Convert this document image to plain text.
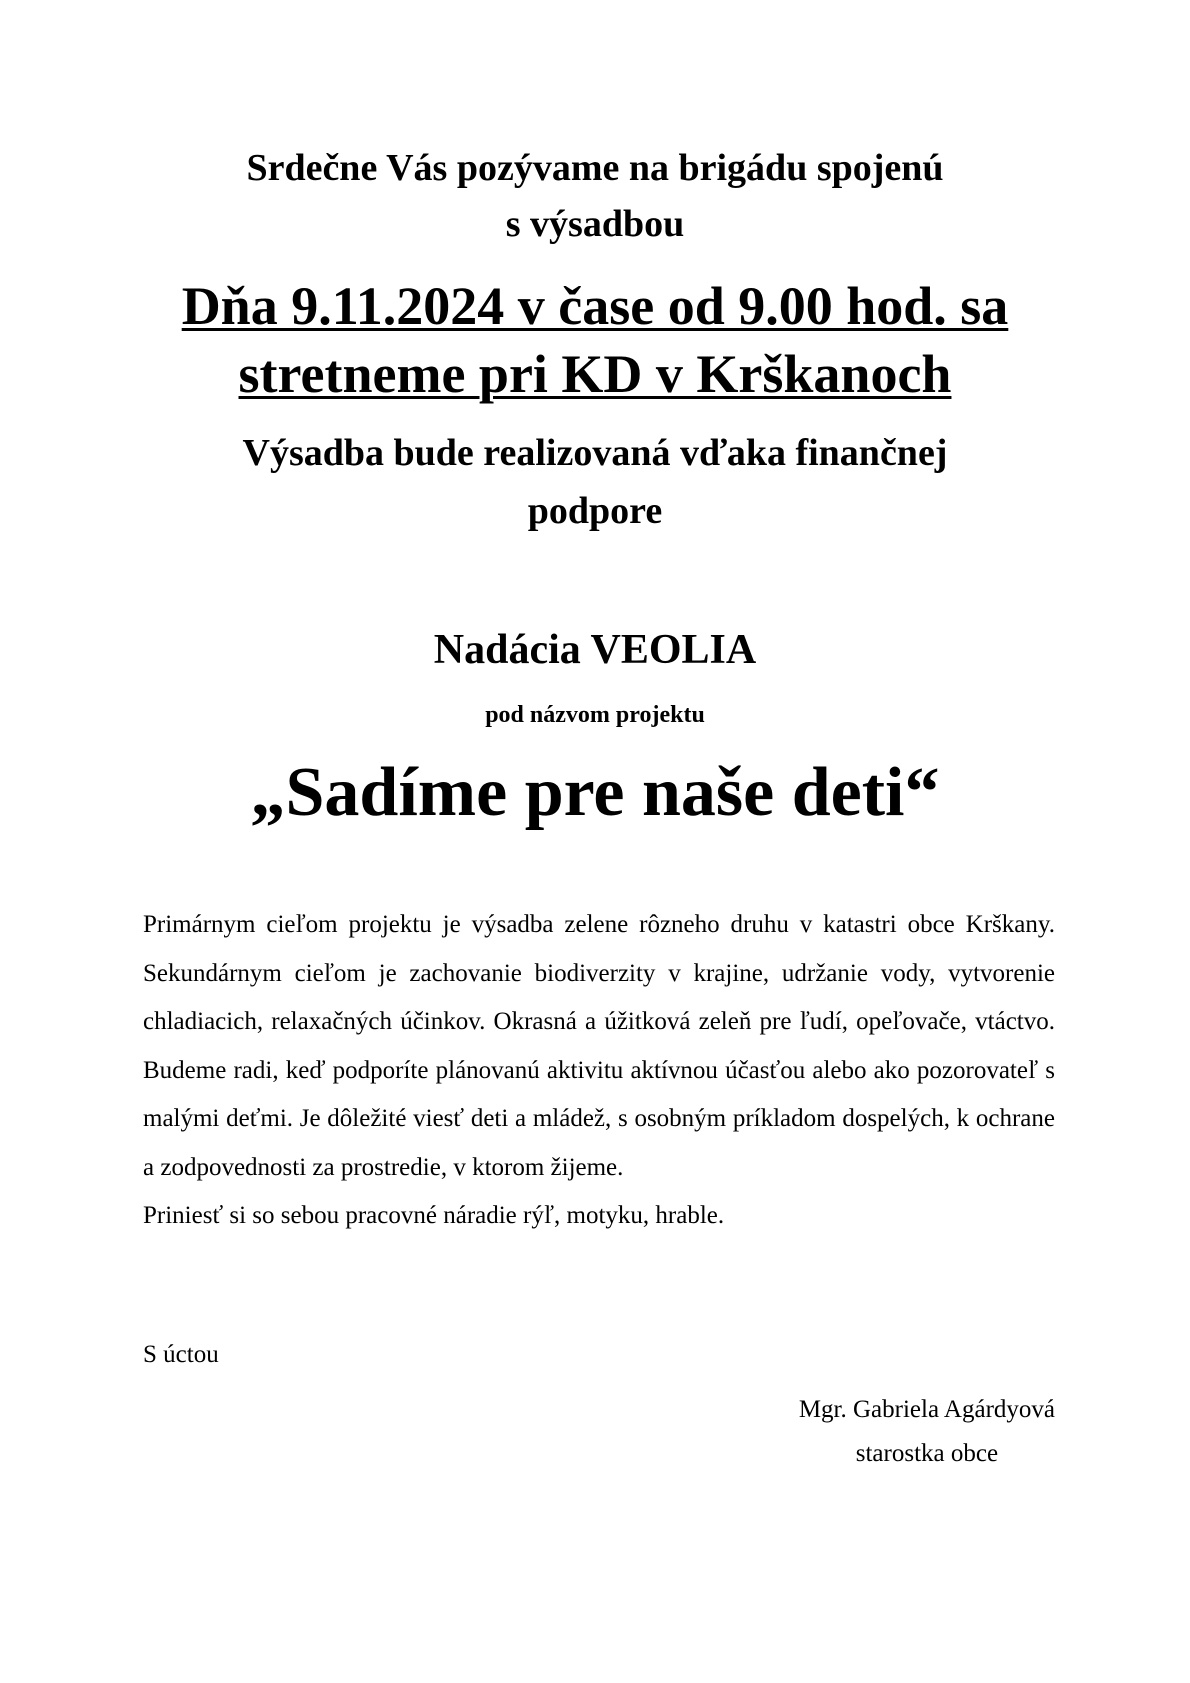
Srdečne Vás pozývame na brigádu spojenú
s výsadbou
Dňa 9.11.2024 v čase od 9.00 hod. sa
stretneme pri KD v Krškanoch
Výsadba bude realizovaná vďaka finančnej
podpore
Nadácia VEOLIA
pod názvom projektu
„Sadíme pre naše deti“

Primárnym cieľom projektu je výsadba zelene rôzneho druhu v katastri obce Krškany. Sekundárnym cieľom je zachovanie biodiverzity v krajine, udržanie vody, vytvorenie chladiacich, relaxačných účinkov. Okrasná a úžitková zeleň pre ľudí, opeľovače, vtáctvo. Budeme radi, keď podporíte plánovanú aktivitu aktívnou účasťou alebo ako pozorovateľ s malými deťmi. Je dôležité viesť deti a mládež, s osobným príkladom dospelých, k ochrane a zodpovednosti za prostredie, v ktorom žijeme.

Priniesť si so sebou pracovné náradie rýľ, motyku, hrable.

S úctou
Mgr. Gabriela Agárdyová
starostka obce
